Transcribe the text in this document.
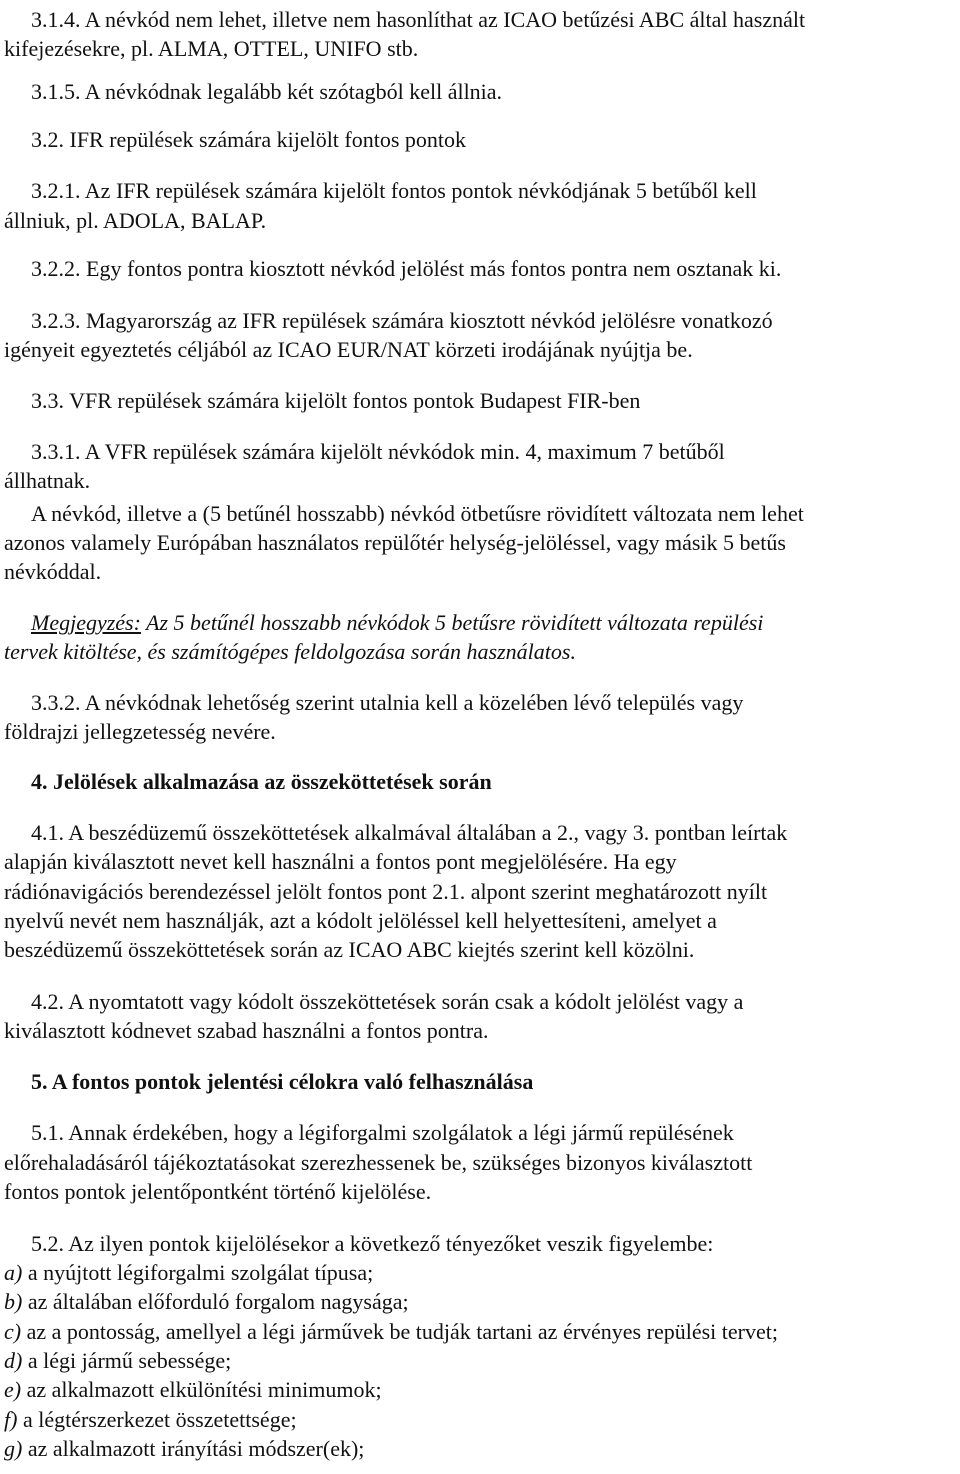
3.1.4. A névkód nem lehet, illetve nem hasonlíthat az ICAO betűzési ABC által használt
kifejezésekre, pl. ALMA, OTTEL, UNIFO stb.
3.1.5. A névkódnak legalább két szótagból kell állnia.
3.2. IFR repülések számára kijelölt fontos pontok
3.2.1. Az IFR repülések számára kijelölt fontos pontok névkódjának 5 betűből kell
állniuk, pl. ADOLA, BALAP.
3.2.2. Egy fontos pontra kiosztott névkód jelölést más fontos pontra nem osztanak ki.
3.2.3. Magyarország az IFR repülések számára kiosztott névkód jelölésre vonatkozó
igényeit egyeztetés céljából az ICAO EUR/NAT körzeti irodájának nyújtja be.
3.3. VFR repülések számára kijelölt fontos pontok Budapest FIR-ben
3.3.1. A VFR repülések számára kijelölt névkódok min. 4, maximum 7 betűből
állhatnak.
A névkód, illetve a (5 betűnél hosszabb) névkód ötbetűsre rövidített változata nem lehet
azonos valamely Európában használatos repülőtér helység-jelöléssel, vagy másik 5 betűs
névkóddal.
Megjegyzés: Az 5 betűnél hosszabb névkódok 5 betűsre rövidített változata repülési
tervek kitöltése, és számítógépes feldolgozása során használatos.
3.3.2. A névkódnak lehetőség szerint utalnia kell a közelében lévő település vagy
földrajzi jellegzetesség nevére.
4. Jelölések alkalmazása az összeköttetések során
4.1. A beszédüzemű összeköttetések alkalmával általában a 2., vagy 3. pontban leírtak
alapján kiválasztott nevet kell használni a fontos pont megjelölésére. Ha egy
rádiónavigációs berendezéssel jelölt fontos pont 2.1. alpont szerint meghatározott nyílt
nyelvű nevét nem használják, azt a kódolt jelöléssel kell helyettesíteni, amelyet a
beszédüzemű összeköttetések során az ICAO ABC kiejtés szerint kell közölni.
4.2. A nyomtatott vagy kódolt összeköttetések során csak a kódolt jelölést vagy a
kiválasztott kódnevet szabad használni a fontos pontra.
5. A fontos pontok jelentési célokra való felhasználása
5.1. Annak érdekében, hogy a légiforgalmi szolgálatok a légi jármű repülésének
előrehaladásáról tájékoztatásokat szerezhessenek be, szükséges bizonyos kiválasztott
fontos pontok jelentőpontként történő kijelölése.
5.2. Az ilyen pontok kijelölésekor a következő tényezőket veszik figyelembe:
a) a nyújtott légiforgalmi szolgálat típusa;
b) az általában előforduló forgalom nagysága;
c) az a pontosság, amellyel a légi járművek be tudják tartani az érvényes repülési tervet;
d) a légi jármű sebessége;
e) az alkalmazott elkülönítési minimumok;
f) a légtérszerkezet összetettsége;
g) az alkalmazott irányítási módszer(ek);
